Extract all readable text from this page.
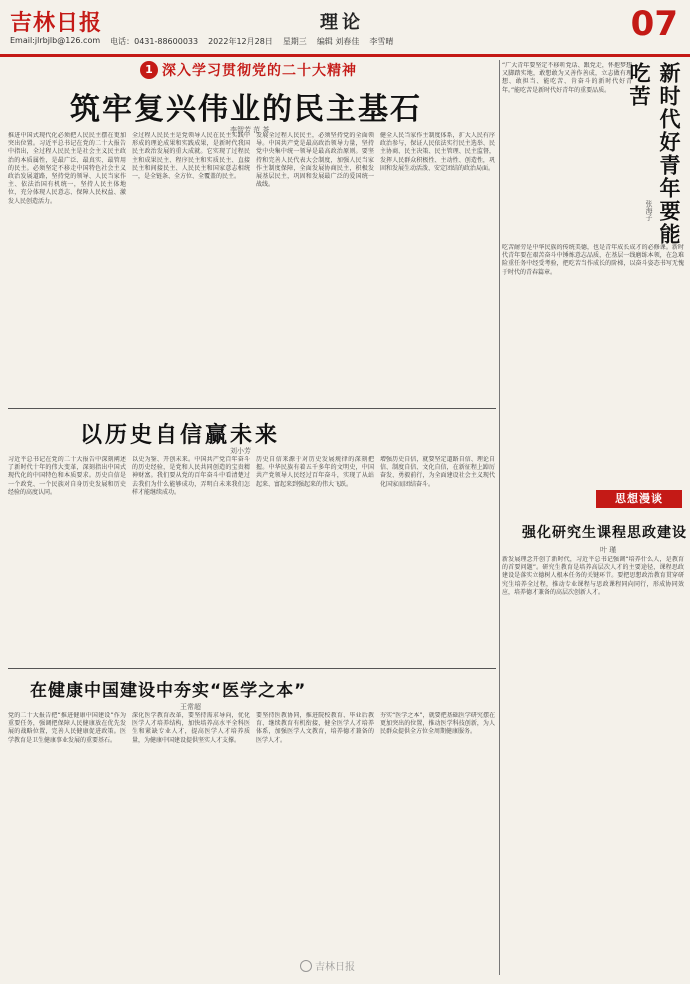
吉林日报	理论	07
Email:jlrbjlb@126.com 电话：0431-88600033 2022年12月28日 星期三 编辑 刘春佳 李雪晴
1 深入学习贯彻党的二十大精神
筑牢复兴伟业的民主基石
李智芳 范 茶
推进中国式现代化必须把人民民主摆在更加突出位置。习近平总书记在党的二十大报告中指出，全过程人民民主是社会主义民主政治的本质属性，是最广泛、最真实、最管用的民主。必须坚定不移走中国特色社会主义政治发展道路，坚持党的领导、人民当家作主、依法治国有机统一，坚持人民主体地位，充分体现人民意志、保障人民权益、激发人民创造活力。
全过程人民民主是党领导人民在民主实践中形成的理论成果和实践成果，是新时代我国民主政治发展的重大成就。它实现了过程民主和成果民主、程序民主和实质民主、直接民主和间接民主、人民民主和国家意志相统一，是全链条、全方位、全覆盖的民主。
发展全过程人民民主，必须坚持党的全面领导。中国共产党是最高政治领导力量，坚持党中央集中统一领导是最高政治原则。要坚持和完善人民代表大会制度，加强人民当家作主制度保障，全面发展协商民主，积极发展基层民主，巩固和发展最广泛的爱国统一战线。
健全人民当家作主制度体系，扩大人民有序政治参与，保证人民依法实行民主选举、民主协商、民主决策、民主管理、民主监督，发挥人民群众积极性、主动性、创造性，巩固和发展生动活泼、安定团结的政治局面。
以历史自信赢未来
刘小芳
习近平总书记在党的二十大报告中深刻阐述了新时代十年的伟大变革，深刻指出中国式现代化的中国特色和本质要求。历史自信是一个政党、一个民族对自身历史发展和历史经验的高度认同。
以史为鉴、开创未来。中国共产党百年奋斗的历史经验，是党和人民共同创造的宝贵精神财富。我们要从党的百年奋斗中看清楚过去我们为什么能够成功，弄明白未来我们怎样才能继续成功。
历史自信来源于对历史发展规律的深刻把握。中华民族有着五千多年的文明史，中国共产党领导人民经过百年奋斗，实现了从站起来、富起来到强起来的伟大飞跃。
增强历史自信，就要坚定道路自信、理论自信、制度自信、文化自信，在新征程上踔厉奋发、勇毅前行，为全面建设社会主义现代化国家而团结奋斗。
在健康中国建设中夯实“医学之本”
王常超
党的二十大报告把“推进健康中国建设”作为重要任务，强调把保障人民健康放在优先发展的战略位置，完善人民健康促进政策。医学教育是卫生健康事业发展的重要基石。
深化医学教育改革，要坚持需求导向，优化医学人才培养结构，加快培养高水平全科医生和紧缺专业人才，提高医学人才培养质量，为健康中国建设提供坚实人才支撑。
要坚持医教协同，推进院校教育、毕业后教育、继续教育有机衔接，健全医学人才培养体系，加强医学人文教育，培养德才兼备的医学人才。
夯实“医学之本”，就要把基础医学研究摆在更加突出的位置，推动医学科技创新，为人民群众提供全方位全周期健康服务。
“广大青年要坚定不移听党话、跟党走，怀抱梦想又脚踏实地，敢想敢为又善作善成，立志做有理想、敢担当、能吃苦、肯奋斗的新时代好青年。”能吃苦是新时代好青年的重要品质。	新时代好青年要能吃苦
张海子
吃苦耐劳是中华民族的传统美德，也是青年成长成才的必修课。新时代青年要在艰苦奋斗中锤炼意志品质，在基层一线磨练本领，在急难险重任务中经受考验，把吃苦当作成长的阶梯，以奋斗姿态书写无愧于时代的青春篇章。
思想漫谈
强化研究生课程思政建设
叶 瑾
新发展理念开创了新时代，习近平总书记强调“培养什么人，是教育的首要问题”。研究生教育是培养高层次人才的主要途径，课程思政建设是落实立德树人根本任务的关键环节。要把思想政治教育贯穿研究生培养全过程，推动专业课程与思政课程同向同行，形成协同效应，培养德才兼备的高层次创新人才。
吉林日报
